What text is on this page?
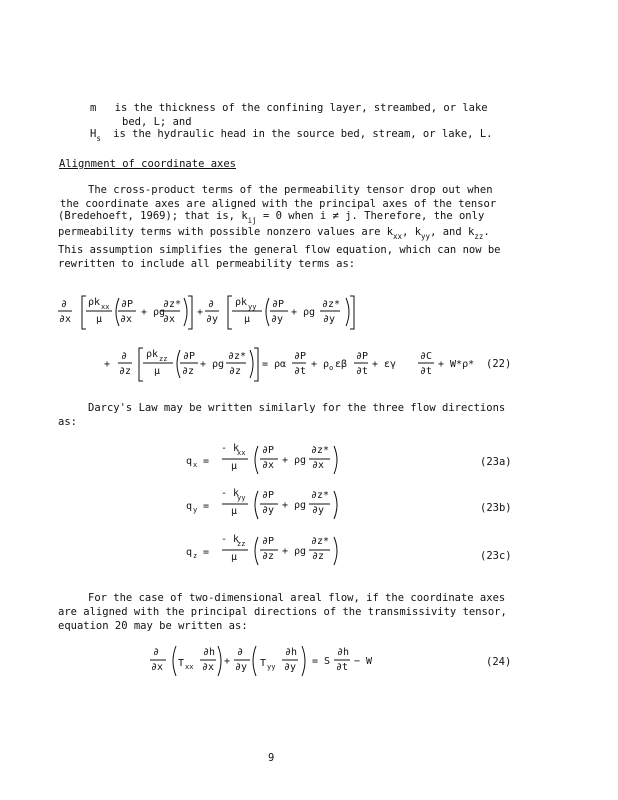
m is the thickness of the confining layer, streambed, or lake
bed, L; and
$H_s$ is the hydraulic head in the source bed, stream, or lake, L.
Alignment of coordinate axes
The cross-product terms of the permeability tensor drop out when
the coordinate axes are aligned with the principal axes of the tensor
(Bredehoeft, 1969); that is, $k_{ij} = 0$ when i ≠ j. Therefore, the only
permeability terms with possible nonzero values are $k_{xx}$, $k_{yy}$, and $k_{zz}$.
This assumption simplifies the general flow equation, which can now be
rewritten to include all permeability terms as:
∂
∂x
ρk xx
μ
∂P
∂x
+ ρg
∂z*
∂x
+
∂
∂y
ρk yy
μ
∂P
∂y
+ ρg
∂z*
∂y
+
∂
∂z
ρk zz
μ
∂P
∂z
+ ρg
∂z*
∂z
= ρα
∂P
∂t
+ ρ o εβ
∂P
∂t
+ εγ
∂C
∂t
+ W*ρ*
q x =
- k
xx
μ
∂P
∂x + ρg
∂z*
∂x
q y =
- k
yy
μ
∂P
∂y + ρg
∂z*
∂y
q z =
- k
zz
μ
∂P
∂z + ρg
∂z*
∂z
∂
∂x T xx
∂h
∂x
+
∂
∂y T yy
∂h
∂y
= S
∂h
∂t
− W
(22)
(23a)
(23b)
(23c)
(24)
Darcy's Law may be written similarly for the three flow directions
as:
For the case of two-dimensional areal flow, if the coordinate axes
are aligned with the principal directions of the transmissivity tensor,
equation 20 may be written as:
9
